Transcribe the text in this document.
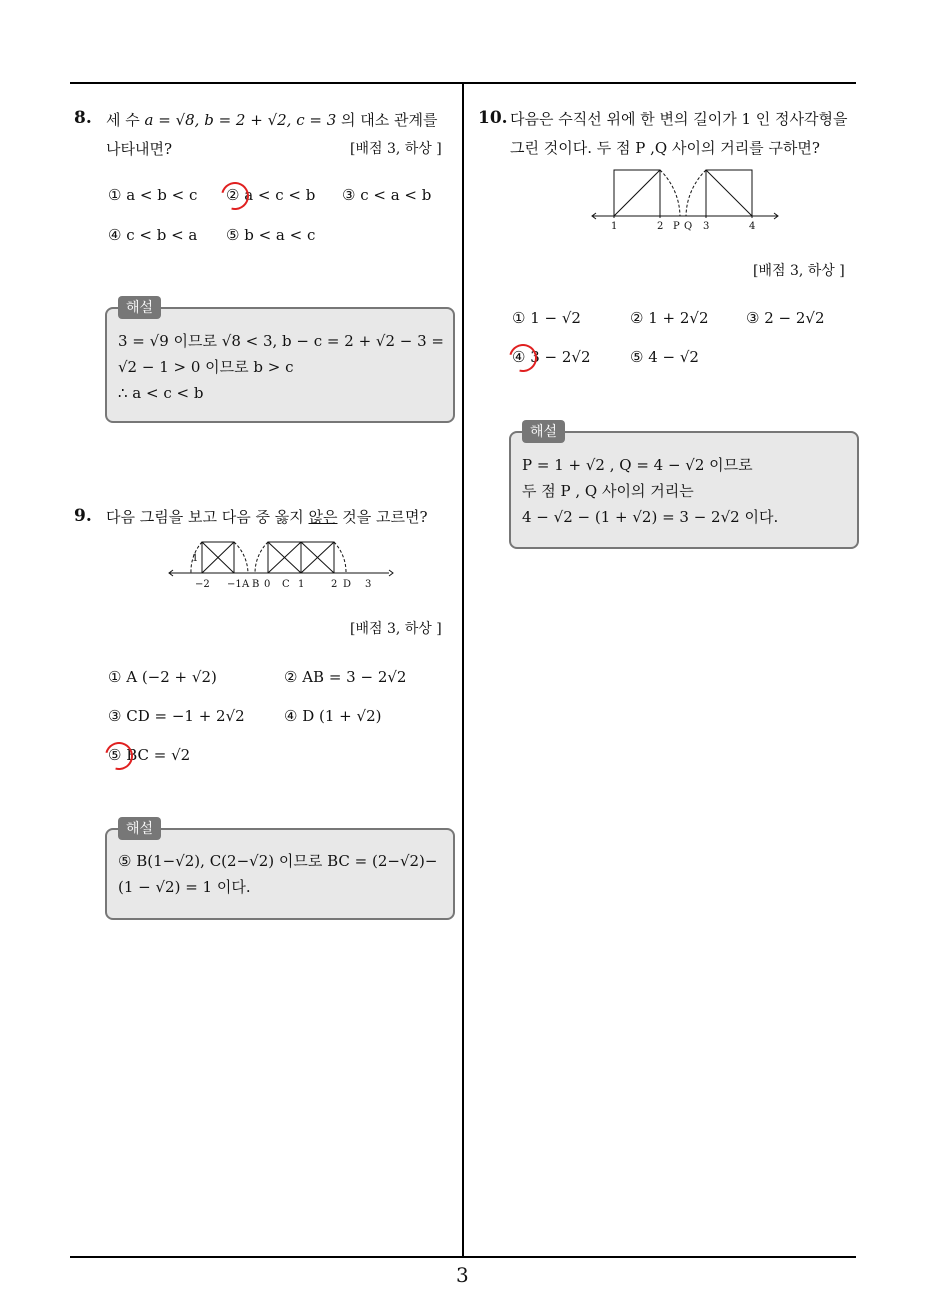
3
8. 세 수 a = √8, b = 2 + √2, c = 3 의 대소 관계를
나타내면?	[배점 3, 하상 ]
① a < b < c ② a < c < b ③ c < a < b
④ c < b < a ⑤ b < a < c
해설
3 = √9 이므로 √8 < 3, b − c = 2 + √2 − 3 =
√2 − 1 > 0 이므로 b > c
∴ a < c < b
9. 다음 그림을 보고 다음 중 옳지 않은 것을 고르면?
1
−2 −1 A B 0 C 1	2 D 3
[배점 3, 하상 ]
① A (−2 + √2)	② AB = 3 − 2√2
③ CD = −1 + 2√2	④ D (1 + √2)
⑤ BC = √2
해설
⑤ B(1−√2), C(2−√2) 이므로 BC = (2−√2)−
(1 − √2) = 1 이다.
10. 다음은 수직선 위에 한 변의 길이가 1 인 정사각형을
그린 것이다. 두 점 P ,Q 사이의 거리를 구하면?
1	2 P Q 3	4
[배점 3, 하상 ]
① 1 − √2	② 1 + 2√2 ③ 2 − 2√2
④ 3 − 2√2	⑤ 4 − √2
해설
P = 1 + √2 , Q = 4 − √2 이므로
두 점 P , Q 사이의 거리는
4 − √2 − (1 + √2) = 3 − 2√2 이다.
